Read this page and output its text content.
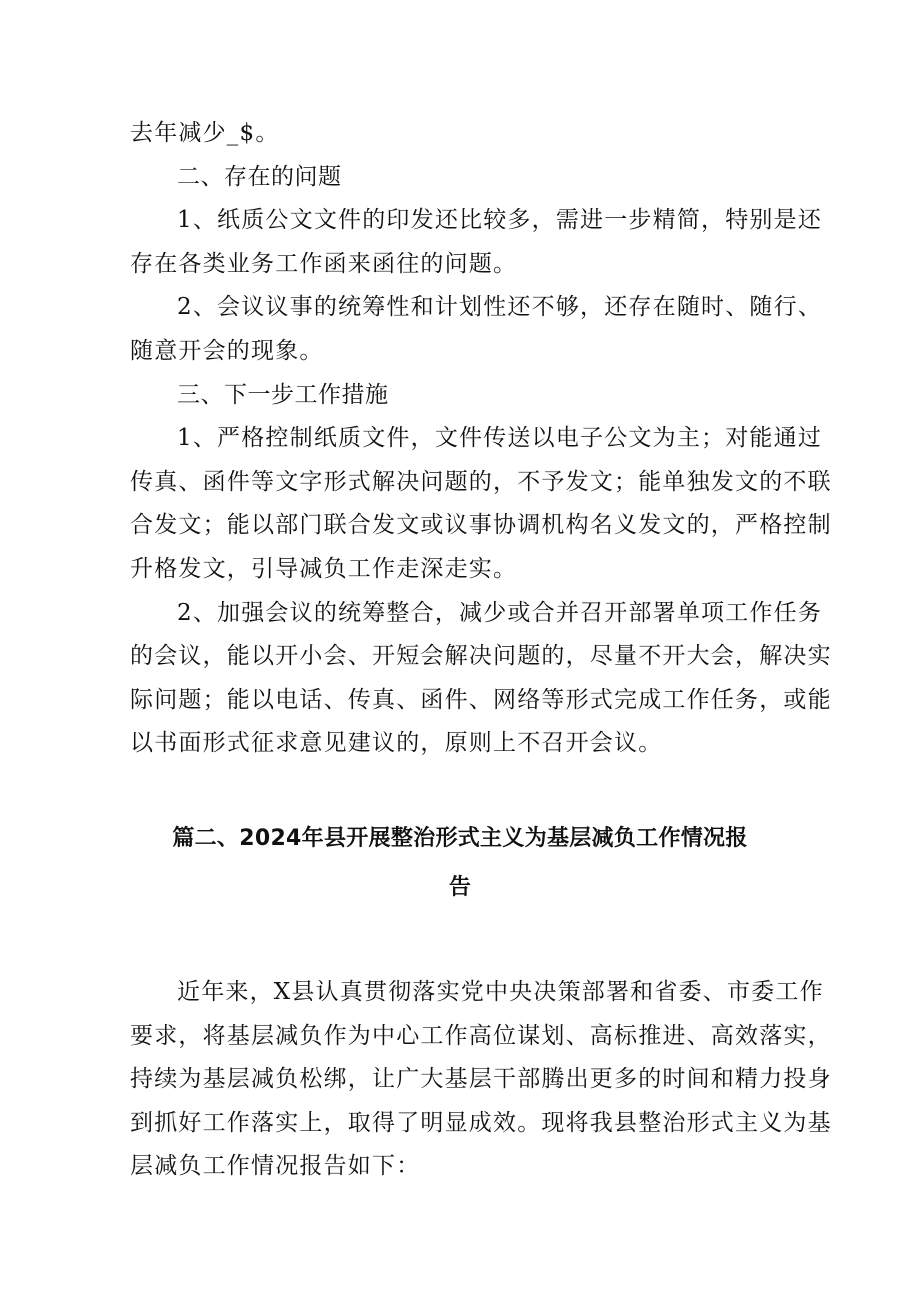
去年减少_$。
二、存在的问题
1、纸质公文文件的印发还比较多，需进一步精简，特别是还
存在各类业务工作函来函往的问题。
2、会议议事的统筹性和计划性还不够，还存在随时、随行、
随意开会的现象。
三、下一步工作措施
1、严格控制纸质文件，文件传送以电子公文为主；对能通过
传真、函件等文字形式解决问题的，不予发文；能单独发文的不联
合发文；能以部门联合发文或议事协调机构名义发文的，严格控制
升格发文，引导减负工作走深走实。
2、加强会议的统筹整合，减少或合并召开部署单项工作任务
的会议，能以开小会、开短会解决问题的，尽量不开大会，解决实
际问题；能以电话、传真、函件、网络等形式完成工作任务，或能
以书面形式征求意见建议的，原则上不召开会议。
篇二、2024年县开展整治形式主义为基层减负工作情况报
告
近年来，X县认真贯彻落实党中央决策部署和省委、市委工作
要求，将基层减负作为中心工作高位谋划、高标推进、高效落实，
持续为基层减负松绑，让广大基层干部腾出更多的时间和精力投身
到抓好工作落实上，取得了明显成效。现将我县整治形式主义为基
层减负工作情况报告如下：
